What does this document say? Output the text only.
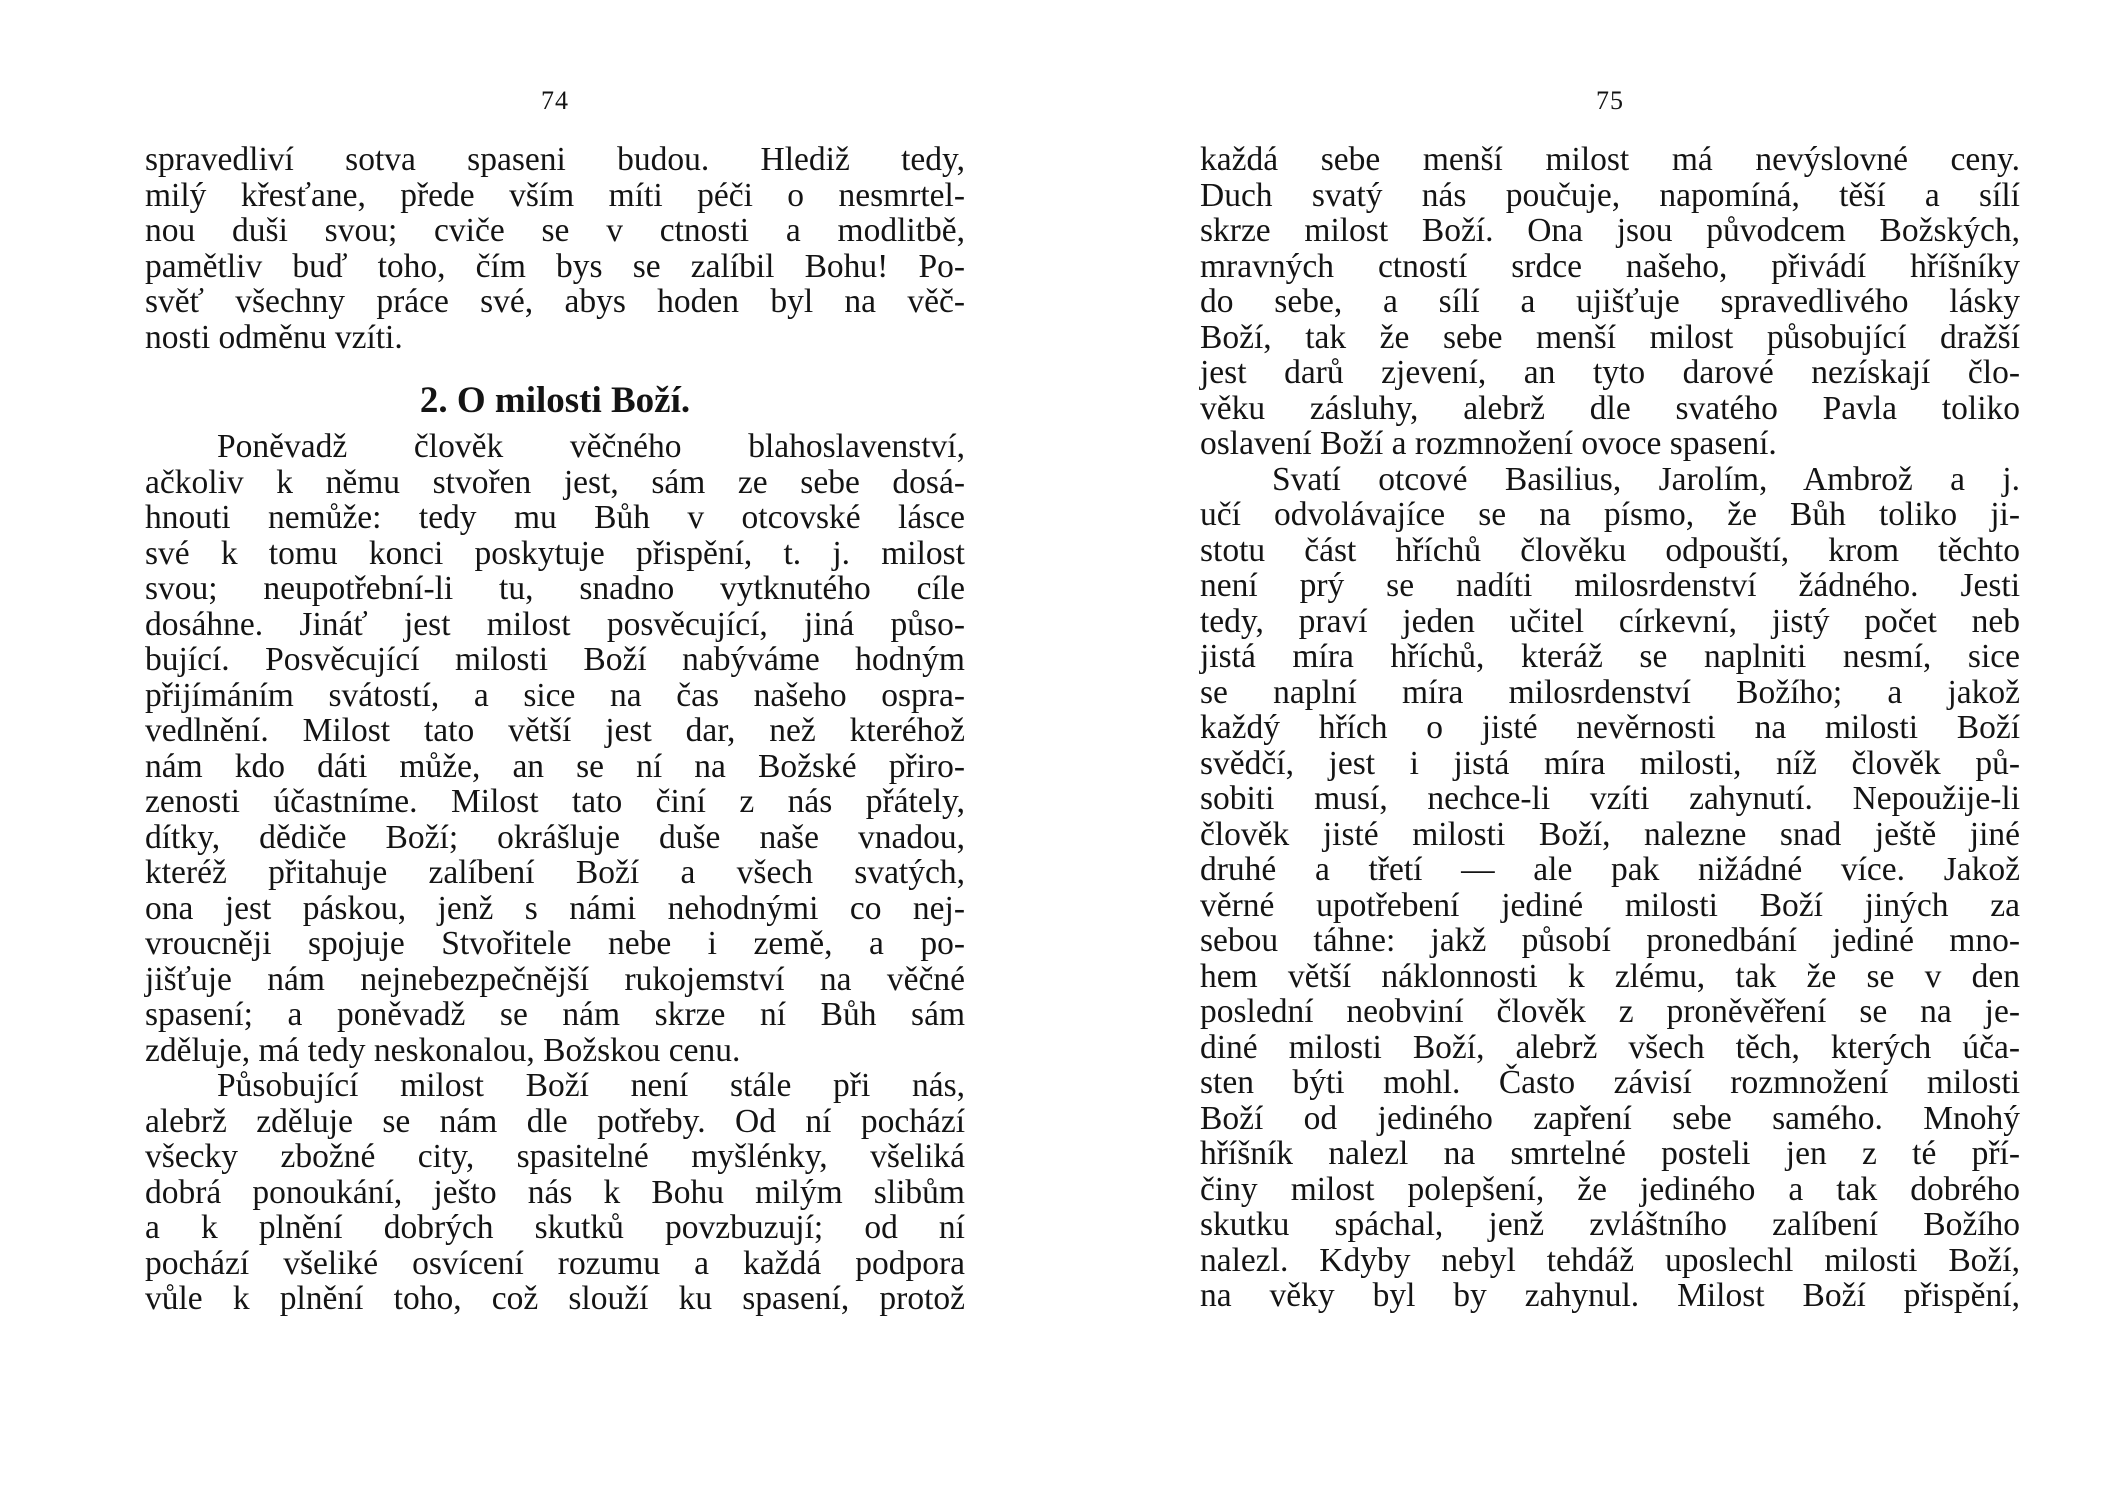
74
spravedliví sotva spaseni budou. Hlediž tedy,
milý křesťane, přede vším míti péči o nesmrtel-
nou duši svou; cviče se v ctnosti a modlitbě,
pamětliv buď toho, čím bys se zalíbil Bohu! Po-
svěť všechny práce své, abys hoden byl na věč-
nosti odměnu vzíti.
2. O milosti Boží.
Poněvadž člověk věčného blahoslavenství,
ačkoliv k němu stvořen jest, sám ze sebe dosá-
hnouti nemůže: tedy mu Bůh v otcovské lásce
své k tomu konci poskytuje přispění, t. j. milost
svou; neupotřební-li tu, snadno vytknutého cíle
dosáhne. Jináť jest milost posvěcující, jiná půso-
bující. Posvěcující milosti Boží nabýváme hodným
přijímáním svátostí, a sice na čas našeho ospra-
vedlnění. Milost tato větší jest dar, než kteréhož
nám kdo dáti může, an se ní na Božské přiro-
zenosti účastníme. Milost tato činí z nás přátely,
dítky, dědiče Boží; okrášluje duše naše vnadou,
kteréž přitahuje zalíbení Boží a všech svatých,
ona jest páskou, jenž s námi nehodnými co nej-
vroucněji spojuje Stvořitele nebe i země, a po-
jišťuje nám nejnebezpečnější rukojemství na věčné
spasení; a poněvadž se nám skrze ní Bůh sám
zděluje, má tedy neskonalou, Božskou cenu.
Působující milost Boží není stále při nás,
alebrž zděluje se nám dle potřeby. Od ní pochází
všecky zbožné city, spasitelné myšlénky, všeliká
dobrá ponoukání, ješto nás k Bohu milým slibům
a k plnění dobrých skutků povzbuzují; od ní
pochází všeliké osvícení rozumu a každá podpora
vůle k plnění toho, což slouží ku spasení, protož
75
každá sebe menší milost má nevýslovné ceny.
Duch svatý nás poučuje, napomíná, těší a sílí
skrze milost Boží. Ona jsou původcem Božských,
mravných ctností srdce našeho, přivádí hříšníky
do sebe, a sílí a ujišťuje spravedlivého lásky
Boží, tak že sebe menší milost působující dražší
jest darů zjevení, an tyto darové nezískají člo-
věku zásluhy, alebrž dle svatého Pavla toliko
oslavení Boží a rozmnožení ovoce spasení.
Svatí otcové Basilius, Jarolím, Ambrož a j.
učí odvolávajíce se na písmo, že Bůh toliko ji-
stotu část hříchů člověku odpouští, krom těchto
není prý se nadíti milosrdenství žádného. Jesti
tedy, praví jeden učitel církevní, jistý počet neb
jistá míra hříchů, kteráž se naplniti nesmí, sice
se naplní míra milosrdenství Božího; a jakož
každý hřích o jisté nevěrnosti na milosti Boží
svědčí, jest i jistá míra milosti, níž člověk pů-
sobiti musí, nechce-li vzíti zahynutí. Nepoužije-li
člověk jisté milosti Boží, nalezne snad ještě jiné
druhé a třetí — ale pak nižádné více. Jakož
věrné upotřebení jediné milosti Boží jiných za
sebou táhne: jakž působí pronedbání jediné mno-
hem větší náklonnosti k zlému, tak že se v den
poslední neobviní člověk z proněvěření se na je-
diné milosti Boží, alebrž všech těch, kterých úča-
sten býti mohl. Často závisí rozmnožení milosti
Boží od jediného zapření sebe samého. Mnohý
hříšník nalezl na smrtelné posteli jen z té pří-
činy milost polepšení, že jediného a tak dobrého
skutku spáchal, jenž zvláštního zalíbení Božího
nalezl. Kdyby nebyl tehdáž uposlechl milosti Boží,
na věky byl by zahynul. Milost Boží přispění,
